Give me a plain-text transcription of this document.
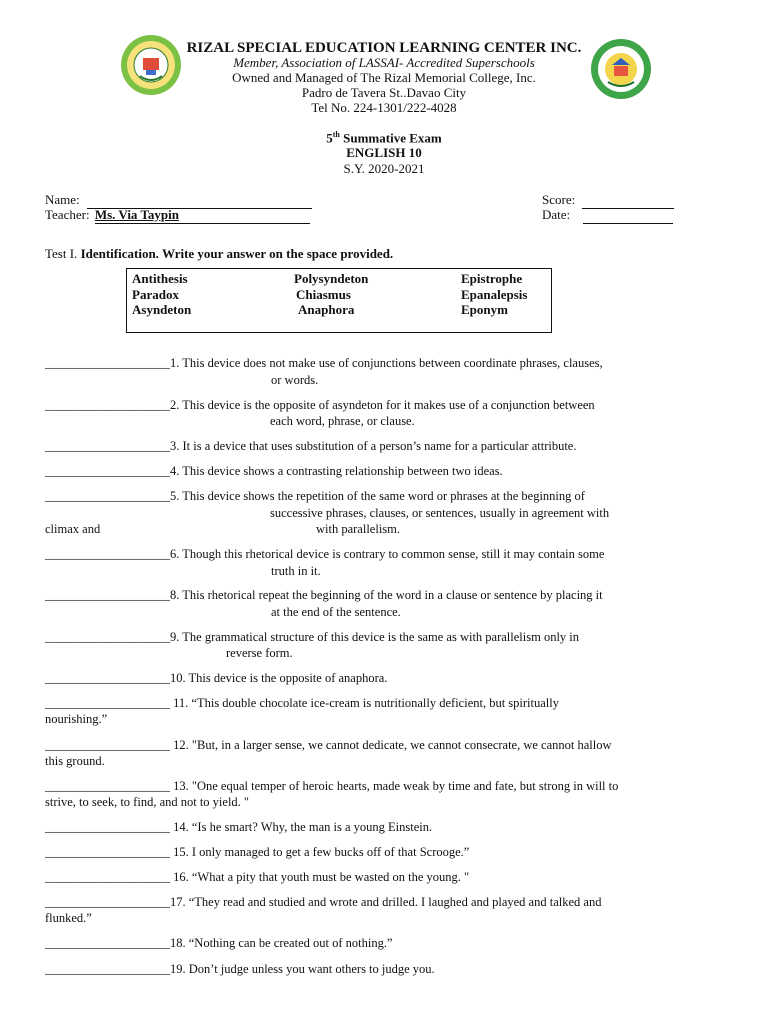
RIZAL SPECIAL EDUCATION LEARNING CENTER INC.
Member, Association of LASSAI- Accredited Superschools
Owned and Managed of The Rizal Memorial College, Inc.
Padro de Tavera St..Davao City
Tel No. 224-1301/222-4028
5th Summative Exam
ENGLISH 10
S.Y. 2020-2021
Name:
Teacher: Ms. Via Taypin
Score:
Date:
Test I. Identification. Write your answer on the space provided.
Antithesis	Polysyndeton	Epistrophe
Paradox	Chiasmus	Epanalepsis
Asyndeton	Anaphora	Eponym
____________________1. This device does not make use of conjunctions between coordinate phrases, clauses,
or words.
____________________2. This device is the opposite of asyndeton for it makes use of a conjunction between
each word, phrase, or clause.
____________________3. It is a device that uses substitution of a person’s name for a particular attribute.
____________________4. This device shows a contrasting relationship between two ideas.
____________________5. This device shows the repetition of the same word or phrases at the beginning of
successive phrases, clauses, or sentences, usually in agreement with
climax and	with parallelism.
____________________6. Though this rhetorical device is contrary to common sense, still it may contain some
truth in it.
____________________8. This rhetorical repeat the beginning of the word in a clause or sentence by placing it
at the end of the sentence.
____________________9. The grammatical structure of this device is the same as with parallelism only in
reverse form.
____________________10. This device is the opposite of anaphora.
____________________ 11. “This double chocolate ice-cream is nutritionally deficient, but spiritually
nourishing.”
____________________ 12. "But, in a larger sense, we cannot dedicate, we cannot consecrate, we cannot hallow
this ground.
____________________ 13. "One equal temper of heroic hearts, made weak by time and fate, but strong in will to
strive, to seek, to find, and not to yield. "
____________________ 14. “Is he smart? Why, the man is a young Einstein.
____________________ 15. I only managed to get a few bucks off of that Scrooge.”
____________________ 16. “What a pity that youth must be wasted on the young. "
____________________17. “They read and studied and wrote and drilled. I laughed and played and talked and
flunked.”
____________________18. “Nothing can be created out of nothing.”
____________________19. Don’t judge unless you want others to judge you.
